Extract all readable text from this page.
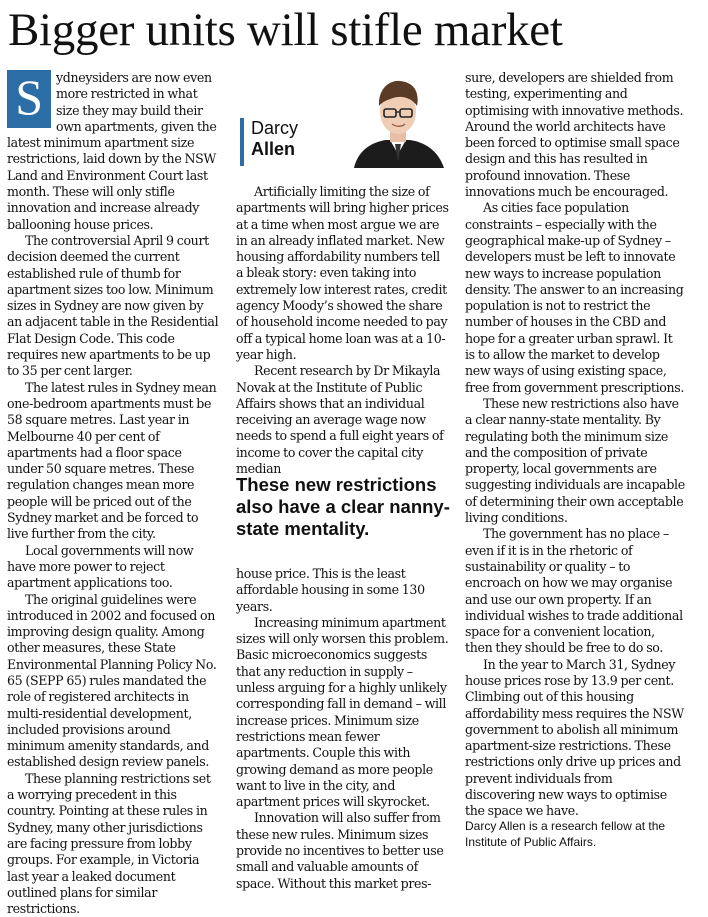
Bigger units will stifle market
S	ydneysiders are now even more restricted in what size they may build their own apartments, given the latest minimum apartment size restrictions, laid down by the NSW Land and Environment Court last month. These will only stifle innovation and increase already ballooning house prices.

The controversial April 9 court decision deemed the current established rule of thumb for apartment sizes too low. Minimum sizes in Sydney are now given by an adjacent table in the Residential Flat Design Code. This code requires new apartments to be up to 35 per cent larger.

The latest rules in Sydney mean one-bedroom apartments must be 58 square metres. Last year in Melbourne 40 per cent of apartments had a floor space under 50 square metres. These regulation changes mean more people will be priced out of the Sydney market and be forced to live further from the city.

Local governments will now have more power to reject apartment applications too.

The original guidelines were introduced in 2002 and focused on improving design quality. Among other measures, these State Environmental Planning Policy No. 65 (SEPP 65) rules mandated the role of registered architects in multi-residential development, included provisions around minimum amenity standards, and established design review panels.

These planning restrictions set a worrying precedent in this country. Pointing at these rules in Sydney, many other jurisdictions are facing pressure from lobby groups. For example, in Victoria last year a leaked document outlined plans for similar restrictions.

Darcy
Allen

Artificially limiting the size of apartments will bring higher prices at a time when most argue we are in an already inflated market. New housing affordability numbers tell a bleak story: even taking into extremely low interest rates, credit agency Moody’s showed the share of household income needed to pay off a typical home loan was at a 10-year high.

Recent research by Dr Mikayla Novak at the Institute of Public Affairs shows that an individual receiving an average wage now needs to spend a full eight years of income to cover the capital city median

These new restrictions also have a clear nanny-state mentality.

house price. This is the least affordable housing in some 130 years.

Increasing minimum apartment sizes will only worsen this problem. Basic microeconomics suggests that any reduction in supply – unless arguing for a highly unlikely corresponding fall in demand – will increase prices. Minimum size restrictions mean fewer apartments. Couple this with growing demand as more people want to live in the city, and apartment prices will skyrocket.

Innovation will also suffer from these new rules. Minimum sizes provide no incentives to better use small and valuable amounts of space. Without this market pres-

sure, developers are shielded from testing, experimenting and optimising with innovative methods. Around the world architects have been forced to optimise small space design and this has resulted in profound innovation. These innovations much be encouraged.

As cities face population constraints – especially with the geographical make-up of Sydney – developers must be left to innovate new ways to increase population density. The answer to an increasing population is not to restrict the number of houses in the CBD and hope for a greater urban sprawl. It is to allow the market to develop new ways of using existing space, free from government prescriptions.

These new restrictions also have a clear nanny-state mentality. By regulating both the minimum size and the composition of private property, local governments are suggesting individuals are incapable of determining their own acceptable living conditions.

The government has no place – even if it is in the rhetoric of sustainability or quality – to encroach on how we may organise and use our own property. If an individual wishes to trade additional space for a convenient location, then they should be free to do so.

In the year to March 31, Sydney house prices rose by 13.9 per cent. Climbing out of this housing affordability mess requires the NSW government to abolish all minimum apartment-size restrictions. These restrictions only drive up prices and prevent individuals from discovering new ways to optimise the space we have.

Darcy Allen is a research fellow at the Institute of Public Affairs.
